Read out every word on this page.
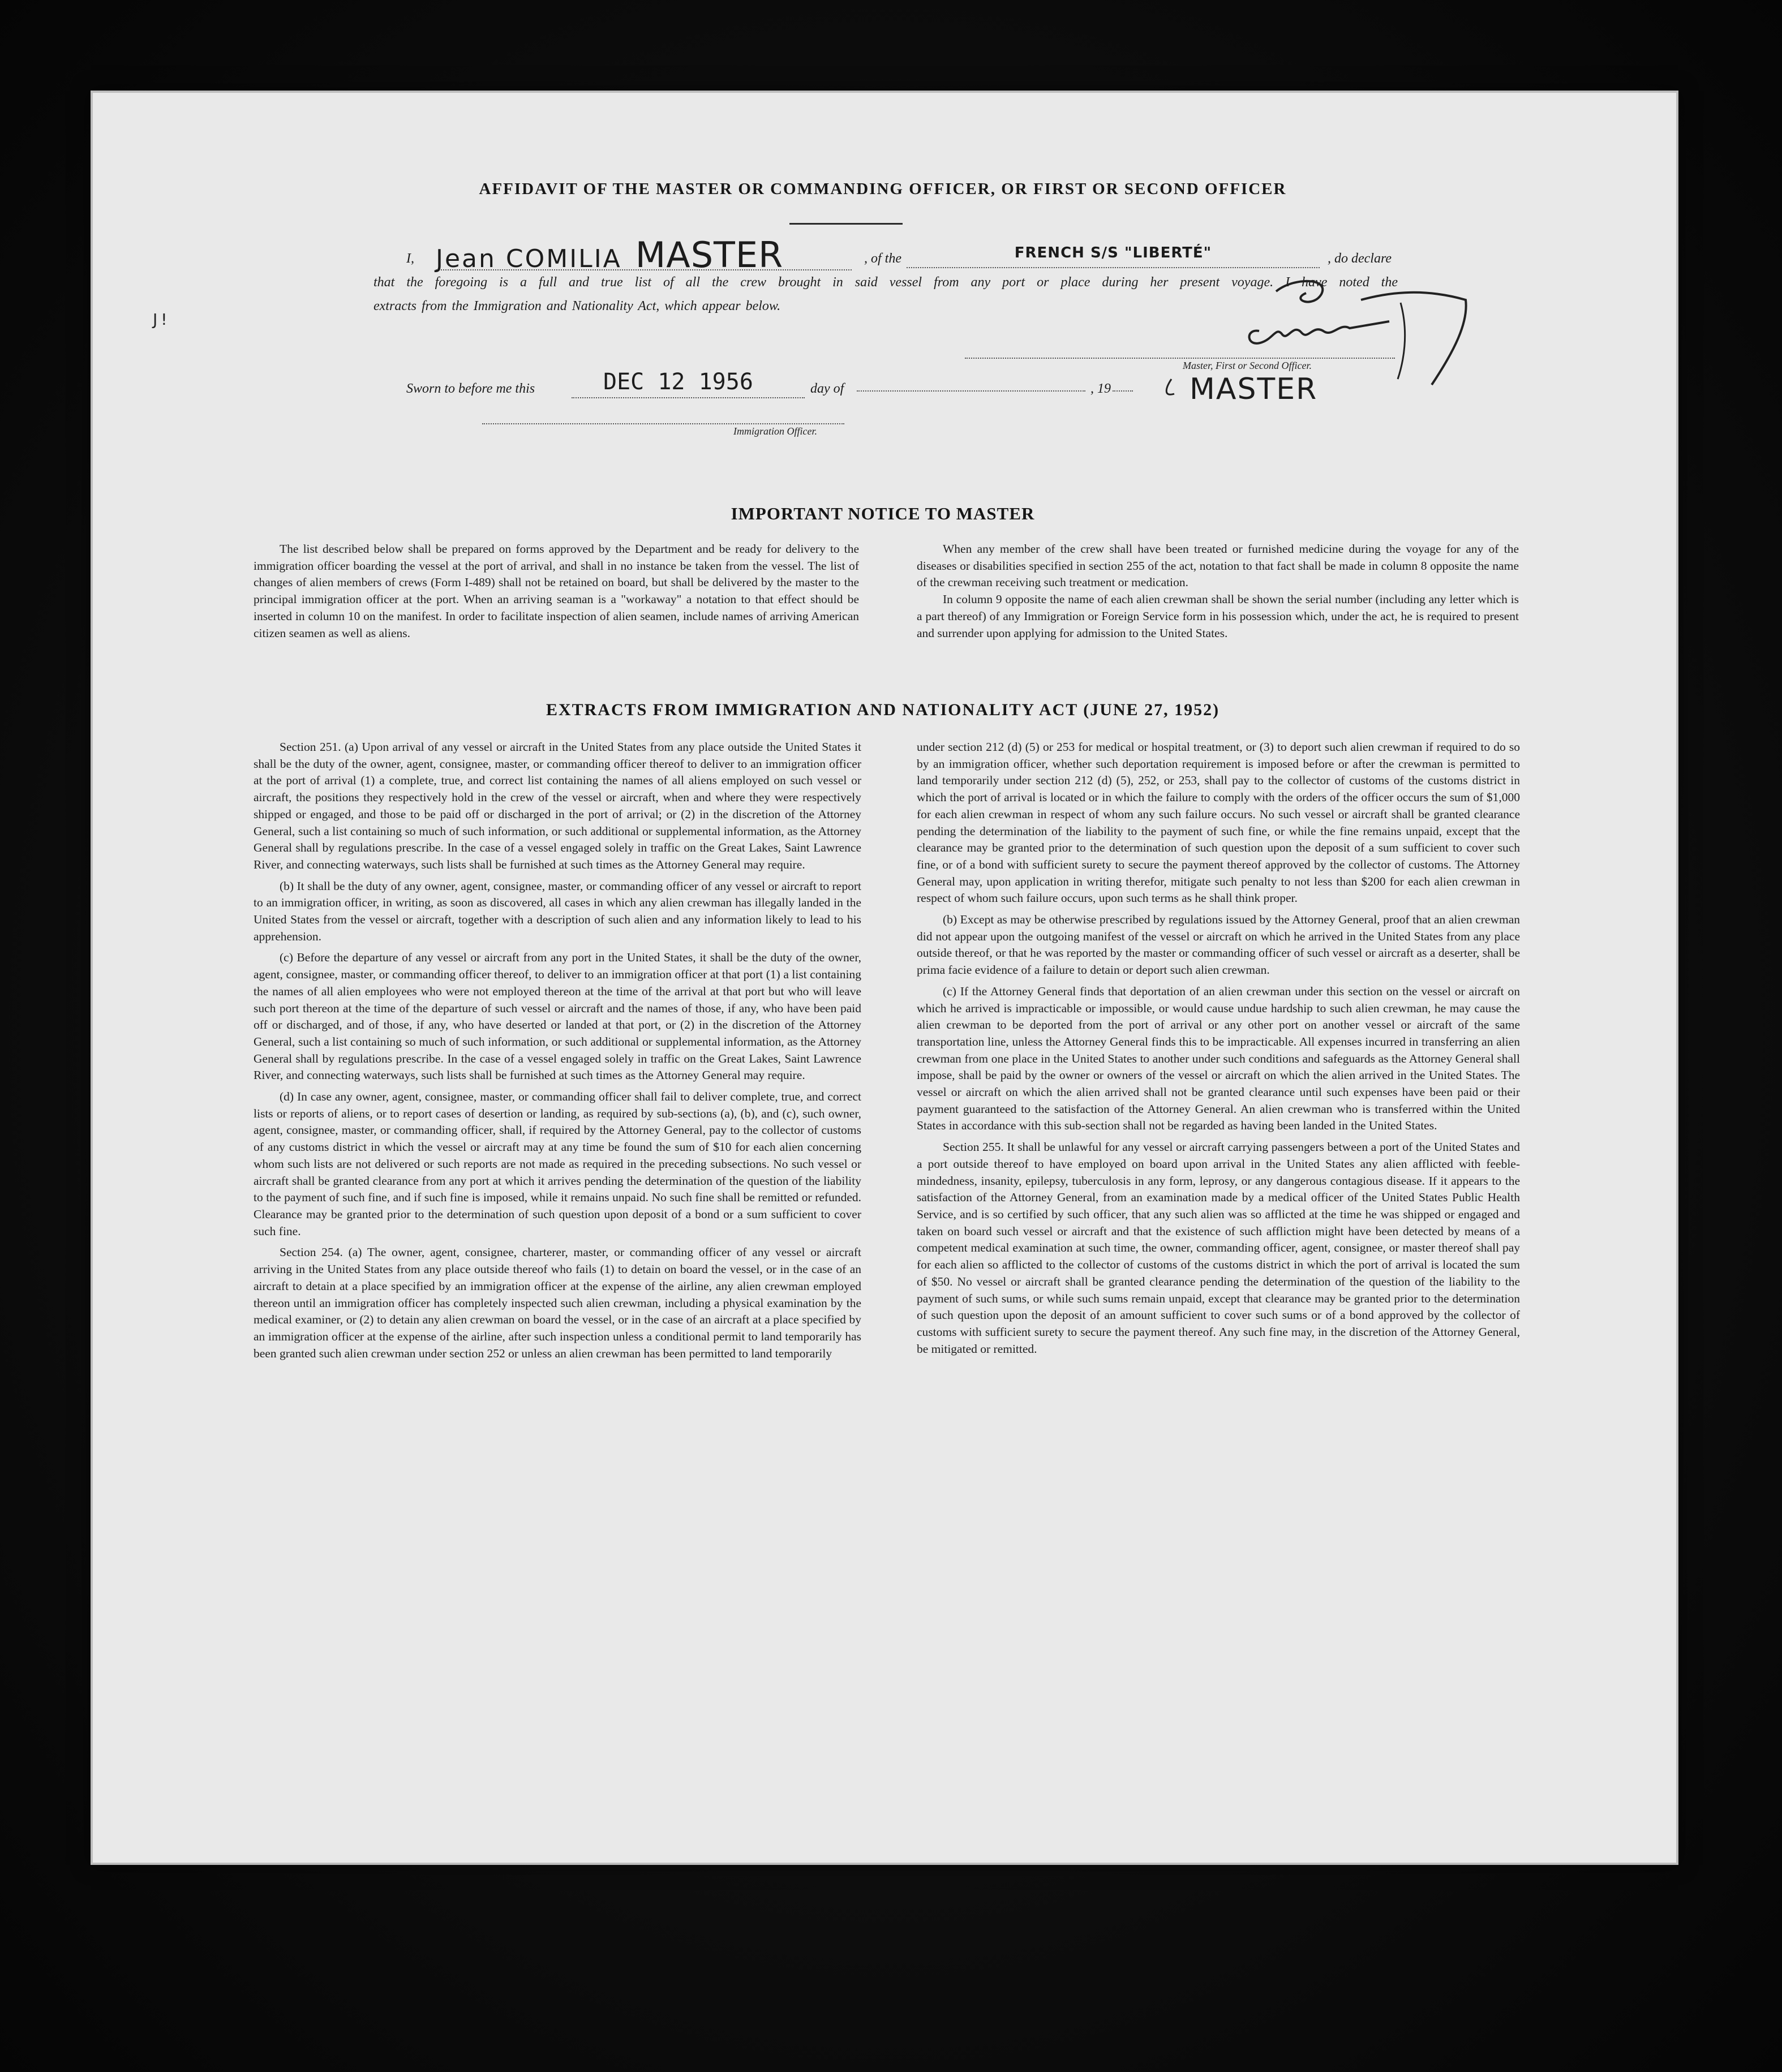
J!
AFFIDAVIT OF THE MASTER OR COMMANDING OFFICER, OR FIRST OR SECOND OFFICER
I, Jean COMILIA MASTER	, of the	FRENCH S/S "LIBERTÉ"	, do declare
that the foregoing is a full and true list of all the crew brought in said vessel from any port or place during her present voyage. I have noted the
extracts from the Immigration and Nationality Act, which appear below.
Master, First or Second Officer.
MASTER
Sworn to before me this	DEC 12 1956	day of	, 19
Immigration Officer.
IMPORTANT NOTICE TO MASTER

The list described below shall be prepared on forms approved by the Department and be ready for delivery to the immigration officer boarding the vessel at the port of arrival, and shall in no instance be taken from the vessel. The list of changes of alien members of crews (Form I-489) shall not be retained on board, but shall be delivered by the master to the principal immigration officer at the port. When an arriving seaman is a "workaway" a notation to that effect should be inserted in column 10 on the manifest. In order to facilitate inspection of alien seamen, include names of arriving American citizen seamen as well as aliens.

When any member of the crew shall have been treated or furnished medicine during the voyage for any of the diseases or disabilities specified in section 255 of the act, notation to that fact shall be made in column 8 opposite the name of the crewman receiving such treatment or medication.

In column 9 opposite the name of each alien crewman shall be shown the serial number (including any letter which is a part thereof) of any Immigration or Foreign Service form in his possession which, under the act, he is required to present and surrender upon applying for admission to the United States.

EXTRACTS FROM IMMIGRATION AND NATIONALITY ACT (JUNE 27, 1952)

Section 251. (a) Upon arrival of any vessel or aircraft in the United States from any place outside the United States it shall be the duty of the owner, agent, consignee, master, or commanding officer thereof to deliver to an immigration officer at the port of arrival (1) a complete, true, and correct list containing the names of all aliens employed on such vessel or aircraft, the positions they respectively hold in the crew of the vessel or aircraft, when and where they were respectively shipped or engaged, and those to be paid off or discharged in the port of arrival; or (2) in the discretion of the Attorney General, such a list containing so much of such information, or such additional or supplemental information, as the Attorney General shall by regulations prescribe. In the case of a vessel engaged solely in traffic on the Great Lakes, Saint Lawrence River, and connecting waterways, such lists shall be furnished at such times as the Attorney General may require.

(b) It shall be the duty of any owner, agent, consignee, master, or commanding officer of any vessel or aircraft to report to an immigration officer, in writing, as soon as discovered, all cases in which any alien crewman has illegally landed in the United States from the vessel or aircraft, together with a description of such alien and any information likely to lead to his apprehension.

(c) Before the departure of any vessel or aircraft from any port in the United States, it shall be the duty of the owner, agent, consignee, master, or commanding officer thereof, to deliver to an immigration officer at that port (1) a list containing the names of all alien employees who were not employed thereon at the time of the arrival at that port but who will leave such port thereon at the time of the departure of such vessel or aircraft and the names of those, if any, who have been paid off or discharged, and of those, if any, who have deserted or landed at that port, or (2) in the discretion of the Attorney General, such a list containing so much of such information, or such additional or supplemental information, as the Attorney General shall by regulations prescribe. In the case of a vessel engaged solely in traffic on the Great Lakes, Saint Lawrence River, and connecting waterways, such lists shall be furnished at such times as the Attorney General may require.

(d) In case any owner, agent, consignee, master, or commanding officer shall fail to deliver complete, true, and correct lists or reports of aliens, or to report cases of desertion or landing, as required by sub-sections (a), (b), and (c), such owner, agent, consignee, master, or commanding officer, shall, if required by the Attorney General, pay to the collector of customs of any customs district in which the vessel or aircraft may at any time be found the sum of $10 for each alien concerning whom such lists are not delivered or such reports are not made as required in the preceding subsections. No such vessel or aircraft shall be granted clearance from any port at which it arrives pending the determination of the question of the liability to the payment of such fine, and if such fine is imposed, while it remains unpaid. No such fine shall be remitted or refunded. Clearance may be granted prior to the determination of such question upon deposit of a bond or a sum sufficient to cover such fine.

Section 254. (a) The owner, agent, consignee, charterer, master, or commanding officer of any vessel or aircraft arriving in the United States from any place outside thereof who fails (1) to detain on board the vessel, or in the case of an aircraft to detain at a place specified by an immigration officer at the expense of the airline, any alien crewman employed thereon until an immigration officer has completely inspected such alien crewman, including a physical examination by the medical examiner, or (2) to detain any alien crewman on board the vessel, or in the case of an aircraft at a place specified by an immigration officer at the expense of the airline, after such inspection unless a conditional permit to land temporarily has been granted such alien crewman under section 252 or unless an alien crewman has been permitted to land temporarily

under section 212 (d) (5) or 253 for medical or hospital treatment, or (3) to deport such alien crewman if required to do so by an immigration officer, whether such deportation requirement is imposed before or after the crewman is permitted to land temporarily under section 212 (d) (5), 252, or 253, shall pay to the collector of customs of the customs district in which the port of arrival is located or in which the failure to comply with the orders of the officer occurs the sum of $1,000 for each alien crewman in respect of whom any such failure occurs. No such vessel or aircraft shall be granted clearance pending the determination of the liability to the payment of such fine, or while the fine remains unpaid, except that the clearance may be granted prior to the determination of such question upon the deposit of a sum sufficient to cover such fine, or of a bond with sufficient surety to secure the payment thereof approved by the collector of customs. The Attorney General may, upon application in writing therefor, mitigate such penalty to not less than $200 for each alien crewman in respect of whom such failure occurs, upon such terms as he shall think proper.

(b) Except as may be otherwise prescribed by regulations issued by the Attorney General, proof that an alien crewman did not appear upon the outgoing manifest of the vessel or aircraft on which he arrived in the United States from any place outside thereof, or that he was reported by the master or commanding officer of such vessel or aircraft as a deserter, shall be prima facie evidence of a failure to detain or deport such alien crewman.

(c) If the Attorney General finds that deportation of an alien crewman under this section on the vessel or aircraft on which he arrived is impracticable or impossible, or would cause undue hardship to such alien crewman, he may cause the alien crewman to be deported from the port of arrival or any other port on another vessel or aircraft of the same transportation line, unless the Attorney General finds this to be impracticable. All expenses incurred in transferring an alien crewman from one place in the United States to another under such conditions and safeguards as the Attorney General shall impose, shall be paid by the owner or owners of the vessel or aircraft on which the alien arrived in the United States. The vessel or aircraft on which the alien arrived shall not be granted clearance until such expenses have been paid or their payment guaranteed to the satisfaction of the Attorney General. An alien crewman who is transferred within the United States in accordance with this sub-section shall not be regarded as having been landed in the United States.

Section 255. It shall be unlawful for any vessel or aircraft carrying passengers between a port of the United States and a port outside thereof to have employed on board upon arrival in the United States any alien afflicted with feeble-mindedness, insanity, epilepsy, tuberculosis in any form, leprosy, or any dangerous contagious disease. If it appears to the satisfaction of the Attorney General, from an examination made by a medical officer of the United States Public Health Service, and is so certified by such officer, that any such alien was so afflicted at the time he was shipped or engaged and taken on board such vessel or aircraft and that the existence of such affliction might have been detected by means of a competent medical examination at such time, the owner, commanding officer, agent, consignee, or master thereof shall pay for each alien so afflicted to the collector of customs of the customs district in which the port of arrival is located the sum of $50. No vessel or aircraft shall be granted clearance pending the determination of the question of the liability to the payment of such sums, or while such sums remain unpaid, except that clearance may be granted prior to the determination of such question upon the deposit of an amount sufficient to cover such sums or of a bond approved by the collector of customs with sufficient surety to secure the payment thereof. Any such fine may, in the discretion of the Attorney General, be mitigated or remitted.
